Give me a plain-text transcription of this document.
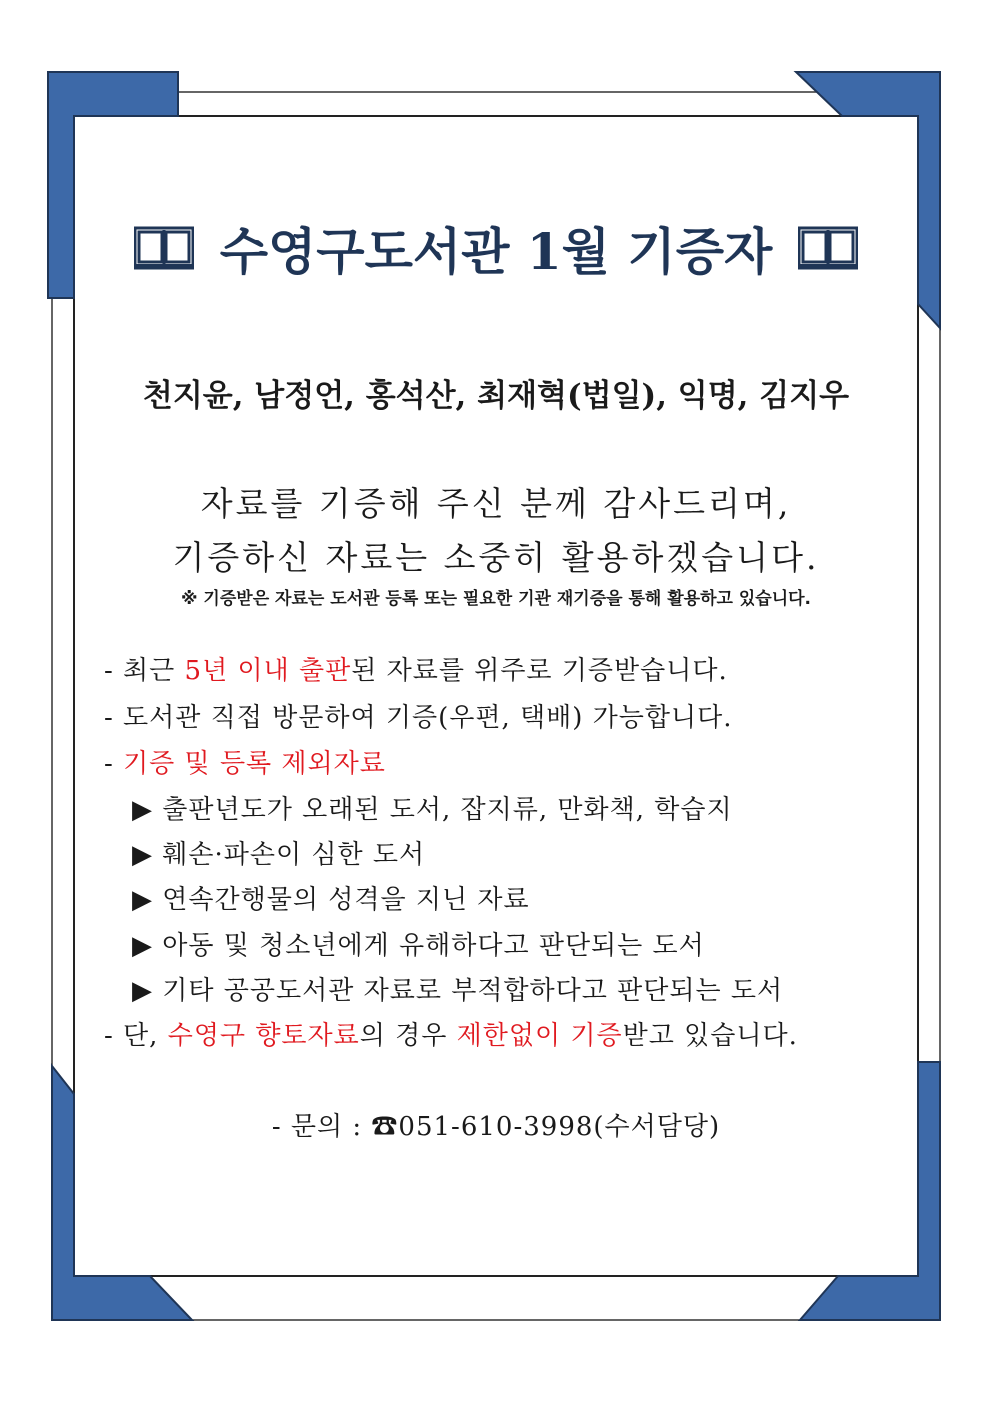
수영구도서관 1월 기증자
천지윤, 남정언, 홍석산, 최재혁(법일), 익명, 김지우
자료를 기증해 주신 분께 감사드리며,
기증하신 자료는 소중히 활용하겠습니다.
※ 기증받은 자료는 도서관 등록 또는 필요한 기관 재기증을 통해 활용하고 있습니다.
- 최근 5년 이내 출판된 자료를 위주로 기증받습니다.
- 도서관 직접 방문하여 기증(우편, 택배) 가능합니다.
- 기증 및 등록 제외자료
▶ 출판년도가 오래된 도서, 잡지류, 만화책, 학습지
▶ 훼손·파손이 심한 도서
▶ 연속간행물의 성격을 지닌 자료
▶ 아동 및 청소년에게 유해하다고 판단되는 도서
▶ 기타 공공도서관 자료로 부적합하다고 판단되는 도서
- 단, 수영구 향토자료의 경우 제한없이 기증받고 있습니다.
- 문의 : ☎051-610-3998(수서담당)
